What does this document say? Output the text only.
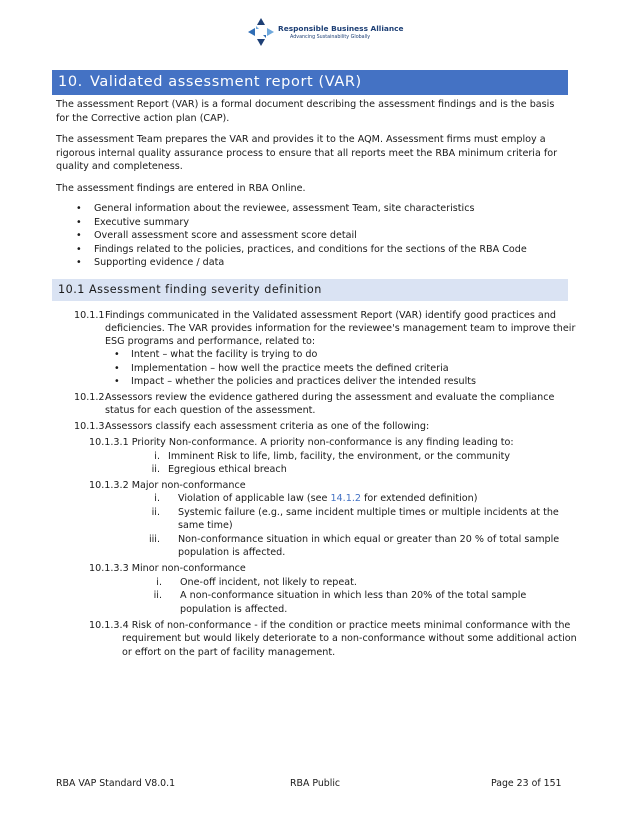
Responsible Business Alliance
Advancing Sustainability Globally
10. Validated assessment report (VAR)

The assessment Report (VAR) is a formal document describing the assessment findings and is the basis for the Corrective action plan (CAP).

The assessment Team prepares the VAR and provides it to the AQM. Assessment firms must employ a rigorous internal quality assurance process to ensure that all reports meet the RBA minimum criteria for quality and completeness.

The assessment findings are entered in RBA Online.

• General information about the reviewee, assessment Team, site characteristics
• Executive summary
• Overall assessment score and assessment score detail
• Findings related to the policies, practices, and conditions for the sections of the RBA Code
• Supporting evidence / data
10.1 Assessment finding severity definition
10.1.1 Findings communicated in the Validated assessment Report (VAR) identify good practices and
deficiencies. The VAR provides information for the reviewee's management team to improve their
ESG programs and performance, related to:
• Intent – what the facility is trying to do
• Implementation – how well the practice meets the defined criteria
• Impact – whether the policies and practices deliver the intended results
10.1.2 Assessors review the evidence gathered during the assessment and evaluate the compliance
status for each question of the assessment.
10.1.3 Assessors classify each assessment criteria as one of the following:
10.1.3.1 Priority Non-conformance. A priority non-conformance is any finding leading to:
i. Imminent Risk to life, limb, facility, the environment, or the community
ii. Egregious ethical breach
10.1.3.2 Major non-conformance
i. Violation of applicable law (see 14.1.2 for extended definition)
ii. Systemic failure (e.g., same incident multiple times or multiple incidents at the
same time)
iii. Non-conformance situation in which equal or greater than 20 % of total sample
population is affected.
10.1.3.3 Minor non-conformance
i. One-off incident, not likely to repeat.
ii. A non-conformance situation in which less than 20% of the total sample
population is affected.
10.1.3.4 Risk of non-conformance - if the condition or practice meets minimal conformance with the
requirement but would likely deteriorate to a non-conformance without some additional action
or effort on the part of facility management.
RBA VAP Standard V8.0.1	RBA Public	Page 23 of 151
